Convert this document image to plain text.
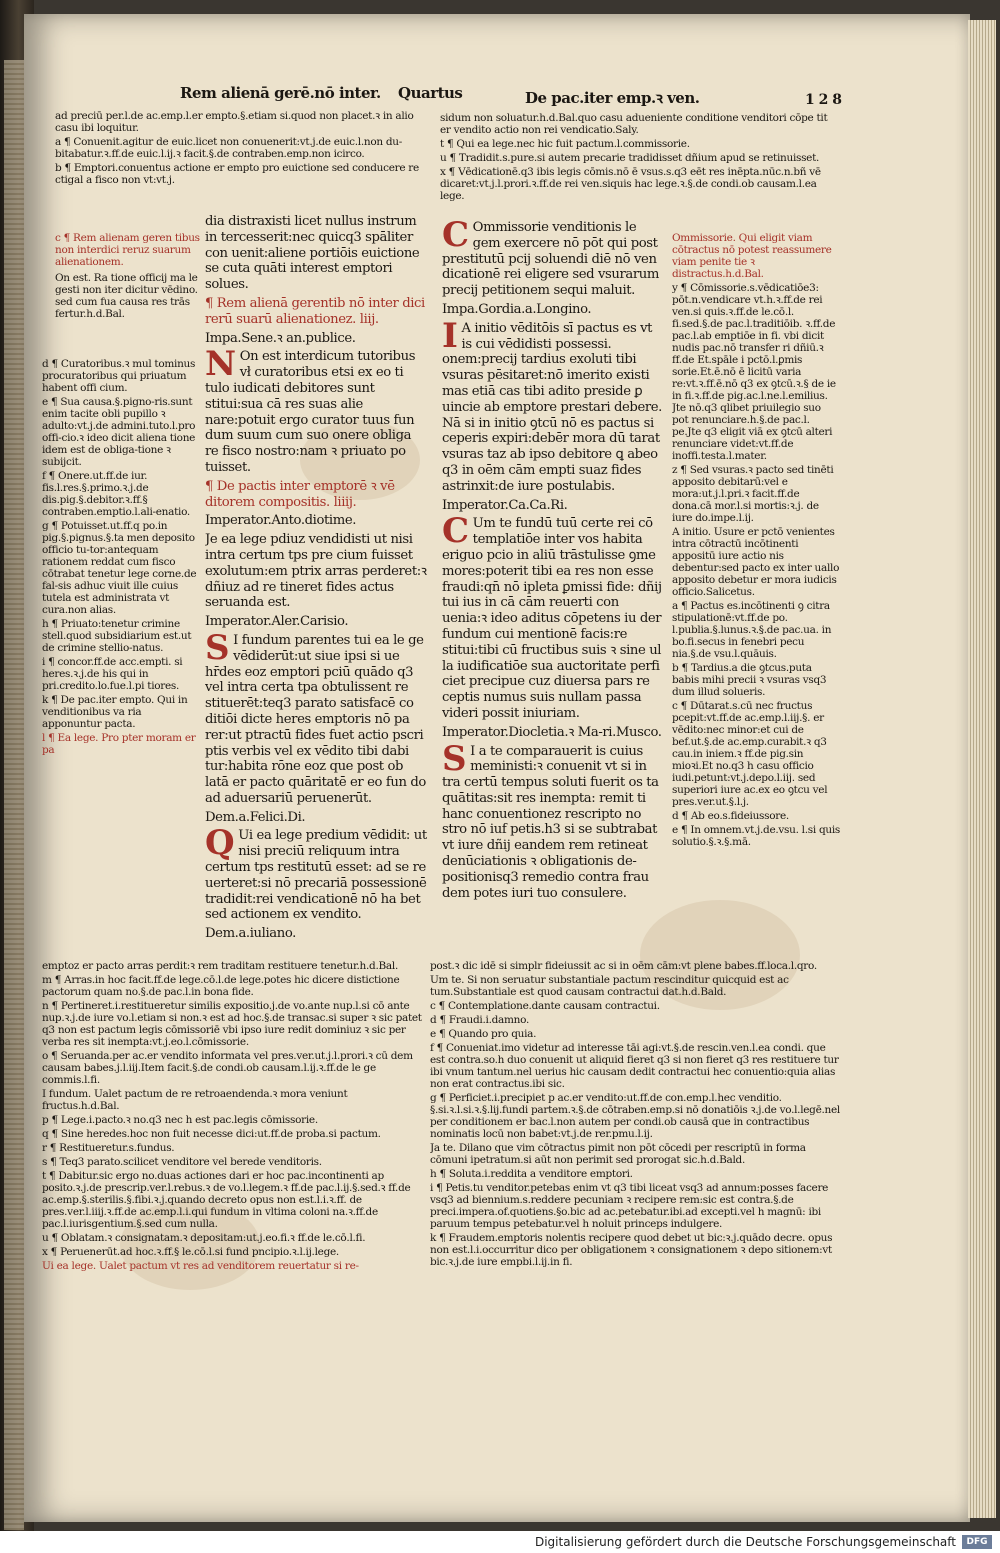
Rem alienā gerē.nō inter. Quartus	De pac.iter emp.ꝛ ven.	1 2 8

ad preciū per.l.de ac.emp.l.er empto.§.etiam si.quod non placet.ꝛ in alio casu ibi loquitur.

a ¶ Conuenit.agitur de euic.licet non conuenerit:vt.j.de euic.l.non du-bitabatur.ꝛ.ff.de euic.l.ij.ꝛ facit.§.de contraben.emp.non icirco.

b ¶ Emptori.conuentus actione er empto pro euictione sed conducere re ctigal a fisco non vt:vt.j.

c ¶ Rem alienam geren tibus non interdici reruz suarum alienationem.
On est. Ra tione officij ma le gesti non iter dicitur vēdino. sed cum fua causa res trās fertur.h.d.Bal.

d ¶ Curatoribus.ꝛ mul tominus procuratoribus qui priuatum habent offi cium.

e ¶ Sua causa.§.pigno-ris.sunt enim tacite obli pupillo ꝛ adulto:vt.j.de admini.tuto.l.pro offi-cio.ꝛ ideo dicit aliena tione idem est de obliga-tione ꝛ subijcit.

f ¶ Onere.ut.ff.de iur. fis.l.res.§.primo.ꝛ.j.de dis.pig.§.debitor.ꝛ.ff.§ contraben.emptio.l.ali-enatio.

g ¶ Potuisset.ut.ff.q po.in pig.§.pignus.§.ta men deposito officio tu-tor:antequam rationem reddat cum fisco cōtrabat tenetur lege corne.de fal-sis adhuc viuit ille cuius tutela est administrata vt cura.non alias.

h ¶ Priuato:tenetur crimine stell.quod subsidiarium est.ut de crimine stellio-natus.

i ¶ concor.ff.de acc.empti. si heres.ꝛ.j.de his qui in pri.credito.lo.fue.l.pi tiores.

k ¶ De pac.iter empto. Qui in venditionibus va ria apponuntur pacta.

l ¶ Ea lege. Pro pter moram er pa

dia distraxisti licet nullus instrum in tercesserit:nec quicq3 spāliter con uenit:aliene portiōis euictione se cuta quāti interest emptori solues.

¶ Rem alienā gerentib nō inter dici rerū suarū alienationez. liij.

Impa.Sene.ꝛ an.publice.

N On est interdicum tutoribus vł curatoribus etsi ex eo ti tulo iudicati debitores sunt stitui:sua cā res suas alie nare:potuit ergo curator tuus fun dum suum cum suo onere obliga re fisco nostro:nam ꝛ priuato po tuisset.

¶ De pactis inter emptorē ꝛ vē ditorem compositis. liiij.

Imperator.Anto.diotime.

Je ea lege pdiuz vendidisti ut nisi intra certum tps pre cium fuisset exolutum:em ptrix arras perderet:ꝛ dñiuz ad re tineret fides actus seruanda est.

Imperator.Aler.Carisio.

S I fundum parentes tui ea le ge vēdiderūt:ut siue ipsi si ue hr̄des eoz emptori pciū quādo q3 vel intra certa tpa obtulissent re stituerēt:teq3 parato satisfacē co ditiōi dicte heres emptoris nō pa rer:ut ptractū fides fuet actio pscri ptis verbis vel ex vēdito tibi dabi tur:habita rōne eoz que post ob latā er pacto quāritatē er eo fun do ad aduersariū peruenerūt.

Dem.a.Felici.Di.

Q Ui ea lege predium vēdidit: ut nisi preciū reliquum intra certum tps restitutū esset: ad se re uerteret:si nō precariā possessionē tradidit:rei vendicationē nō ha bet sed actionem ex vendito.

Dem.a.iuliano.

sidum non soluatur.h.d.Bal.quo casu adueniente conditione venditori cōpe tit er vendito actio non rei vendicatio.Saly.

t ¶ Qui ea lege.nec hic fuit pactum.l.commissorie.

u ¶ Tradidit.s.pure.si autem precarie tradidisset dñium apud se retinuisset.

x ¶ Vēdicationē.q3 ibis legis cōmis.nō ē vsus.s.q3 eēt res inēpta.nūc.n.bñ vē dicaret:vt.j.l.prori.ꝛ.ff.de rei ven.siquis hac lege.ꝛ.§.de condi.ob causam.l.ea lege.

C Ommissorie venditionis le gem exercere nō pōt qui post prestitutū pcij soluendi diē nō ven dicationē rei eligere sed vsurarum precij petitionem sequi maluit.

Impa.Gordia.a.Longino.

I A initio vēditōis sī pactus es vt is cui vēdidisti possessi. onem:precij tardius exoluti tibi vsuras pēsitaret:nō imerito existi mas etiā cas tibi adito preside ꝑ uincie ab emptore prestari debere. Nā si in initio ꝯtcū nō es pactus si ceperis expiri:debēr mora dū tarat vsuras taz ab ipso debitore ꝗ abeo q3 in oēm cām empti suaz fides astrinxit:de iure postulabis.

Imperator.Ca.Ca.Ri.

C Um te fundū tuū certe rei cō templatiōe inter vos habita eriguo pcio in aliū trāstulisse ꝯme mores:poterit tibi ea res non esse fraudi:qn̄ nō ipleta ꝑmissi fide: dñij tui ius in cā cām reuerti con uenia:ꝛ ideo aditus cōpetens iu der fundum cui mentionē facis:re stitui:tibi cū fructibus suis ꝛ sine ul la iudificatiōe sua auctoritate perfi ciet precipue cuz diuersa pars re ceptis numus suis nullam passa videri possit iniuriam.

Imperator.Diocletia.ꝛ Ma-ri.Musco.

S I a te comparauerit is cuius meministi:ꝛ conuenit vt si in tra certū tempus soluti fuerit os ta quātitas:sit res inempta: remit ti hanc conuentionez rescripto no stro nō iuf petis.h3 si se subtrabat vt iure dñij eandem rem retineat denūciationis ꝛ obligationis de-positionisq3 remedio contra frau dem potes iuri tuo consulere.

Ommissorie. Qui eligit viam cōtractus nō potest reassumere viam penite tie ꝛ distractus.h.d.Bal.

y ¶ Cōmissorie.s.vēdicatiōe3: pōt.n.vendicare vt.h.ꝛ.ff.de rei ven.si quis.ꝛ.ff.de le.cō.l. fi.sed.§.de pac.l.traditiōib. ꝛ.ff.de pac.l.ab emptiōe in fi. vbi dicit nudis pac.nō transfer ri dñiū.ꝛ ff.de Et.spāle i pctō.l.ꝑmis sorie.Et.ē.nō ē licitū varia re:vt.ꝛ.ff.ē.nō q3 ex ꝯtcū.ꝛ.§ de ie in fi.ꝛ.ff.de pig.ac.l.ne.l.emilius. Jte nō.q3 qlibet priuilegio suo pot renunciare.h.§.de pac.l. pe.Jte q3 eligit viā ex ꝯtcū alteri renunciare videt:vt.ff.de inoffi.testa.l.mater.

z ¶ Sed vsuras.ꝛ pacto sed tinēti apposito debitarū:vel e mora:ut.j.l.pri.ꝛ facit.ff.de dona.cā mor.l.si mortis:ꝛ.j. de iure do.impe.l.ij.

A initio. Usure er pctō venientes intra cōtractū incōtinenti appositū iure actio nis debentur:sed pacto ex inter uallo apposito debetur er mora iudicis officio.Salicetus.

a ¶ Pactus es.incōtinenti ꝯ citra stipulationē:vt.ff.de po. l.publia.§.lunus.ꝛ.§.de pac.ua. in bo.fi.secus in fenebri pecu nia.§.de vsu.l.quāuis.

b ¶ Tardius.a die ꝯtcus.puta babis mihi precii ꝛ vsuras vsq3 dum illud solueris.

c ¶ Dūtarat.s.cū nec fructus pcepit:vt.ff.de ac.emp.l.iij.§. er vēdito:nec minor:et cui de bef.ut.§.de ac.emp.curabit.ꝛ q3 cau.in iniem.ꝛ ff.de pig.sin mioꝛi.Et no.q3 h casu officio iudi.petunt:vt.j.depo.l.iij. sed superiori iure ac.ex eo ꝯtcu vel pres.ver.ut.§.l.j.

d ¶ Ab eo.s.fideiussore.

e ¶ In omnem.vt.j.de.vsu. l.si quis solutio.§.ꝛ.§.mā.

emptoz er pacto arras perdit:ꝛ rem traditam restituere tenetur.h.d.Bal.

m ¶ Arras.in hoc facit.ff.de lege.cō.l.de lege.potes hic dicere distictione pactorum quam no.§.de pac.l.in bona fide.

n ¶ Pertineret.i.restitueretur similis expositio.j.de vo.ante nup.l.si cō ante nup.ꝛ.j.de iure vo.l.etiam si non.ꝛ est ad hoc.§.de transac.si super ꝛ sic patet q3 non est pactum legis cōmissoriē vbi ipso iure redit dominiuz ꝛ sic per verba res sit inempta:vt.j.eo.l.cōmissorie.

o ¶ Seruanda.per ac.er vendito informata vel pres.ver.ut.j.l.prori.ꝛ cū dem causam babes.j.l.iij.Item facit.§.de condi.ob causam.l.ij.ꝛ.ff.de le ge commis.l.fi.

I fundum. Ualet pactum de re retroaendenda.ꝛ mora veniunt fructus.h.d.Bal.

p ¶ Lege.i.pacto.ꝛ no.q3 nec h est pac.legis cōmissorie.

q ¶ Sine heredes.hoc non fuit necesse dici:ut.ff.de proba.si pactum.

r ¶ Restitueretur.s.fundus.

s ¶ Teq3 parato.scilicet venditore vel berede venditoris.

t ¶ Dabitur.sic ergo no.duas actiones dari er hoc pac.incontinenti ap posito.ꝛ.j.de prescrip.ver.l.rebus.ꝛ de vo.l.legem.ꝛ ff.de pac.l.ij.§.sed.ꝛ ff.de ac.emp.§.sterilis.§.fibi.ꝛ.j.quando decreto opus non est.l.i.ꝛ.ff. de pres.ver.l.iiij.ꝛ.ff.de ac.emp.l.i.qui fundum in vltima coloni na.ꝛ.ff.de pac.l.iurisgentium.§.sed cum nulla.

u ¶ Oblatam.ꝛ consignatam.ꝛ depositam:ut.j.eo.fi.ꝛ ff.de le.cō.l.fi.

x ¶ Peruenerūt.ad hoc.ꝛ.ff.§ le.cō.l.si fund pncipio.ꝛ.l.ij.lege.

Ui ea lege. Ualet pactum vt res ad venditorem reuertatur si re-

post.ꝛ dic idē si simplr fideiussit ac si in oēm cām:vt plene babes.ff.loca.l.qro.

Um te. Si non seruatur substantiale pactum rescinditur quicquid est ac tum.Substantiale est quod causam contractui dat.h.d.Bald.

c ¶ Contemplatione.dante causam contractui.

d ¶ Fraudi.i.damno.

e ¶ Quando pro quia.

f ¶ Conueniat.imo videtur ad interesse tāi agi:vt.§.de rescin.ven.l.ea condi. que est contra.so.h duo conuenit ut aliquid fieret q3 si non fieret q3 res restituere tur ibi vnum tantum.nel uerius hic causam dedit contractui hec conuentio:quia alias non erat contractus.ibi sic.

g ¶ Perficiet.i.precipiet p ac.er vendito:ut.ff.de con.emp.l.hec venditio. §.si.ꝛ.l.si.ꝛ.§.lij.fundi partem.ꝛ.§.de cōtraben.emp.si nō donatiōis ꝛ.j.de vo.l.legē.nel per conditionem er bac.l.non autem per condi.ob causā que in contractibus nominatis locū non babet:vt.j.de rer.pmu.l.ij.

Ja te. Dilano que vim cōtractus pimit non pōt cōcedi per rescriptū in forma cōmuni ipetratum.si aūt non perimit sed prorogat sic.h.d.Bald.

h ¶ Soluta.i.reddita a venditore emptori.

i ¶ Petis.tu venditor.petebas enim vt q3 tibi liceat vsq3 ad annum:posses facere vsq3 ad biennium.s.reddere pecuniam ꝛ recipere rem:sic est contra.§.de preci.impera.of.quotiens.§o.bic ad ac.petebatur.ibi.ad excepti.vel h magnū: ibi paruum tempus petebatur.vel h noluit princeps indulgere.

k ¶ Fraudem.emptoris nolentis recipere quod debet ut bic:ꝛ.j.quādo decre. opus non est.l.i.occurritur dico per obligationem ꝛ consignationem ꝛ depo sitionem:vt bic.ꝛ.j.de iure empbi.l.ij.in fi.

Digitalisierung gefördert durch die Deutsche Forschungsgemeinschaft	DFG
